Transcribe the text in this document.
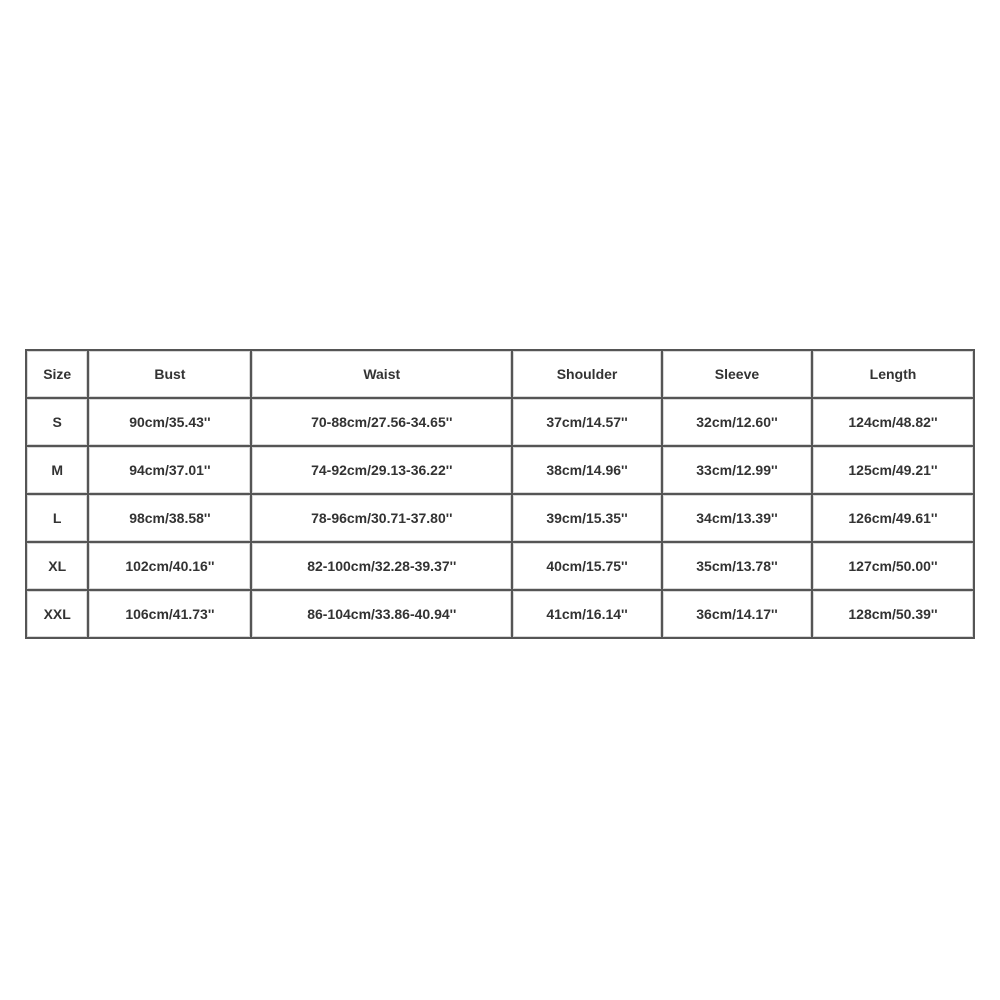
Size	Bust	Waist	Shoulder	Sleeve	Length
S	90cm/35.43''	70-88cm/27.56-34.65''	37cm/14.57''	32cm/12.60''	124cm/48.82''
M	94cm/37.01''	74-92cm/29.13-36.22''	38cm/14.96''	33cm/12.99''	125cm/49.21''
L	98cm/38.58''	78-96cm/30.71-37.80''	39cm/15.35''	34cm/13.39''	126cm/49.61''
XL	102cm/40.16''	82-100cm/32.28-39.37''	40cm/15.75''	35cm/13.78''	127cm/50.00''
XXL	106cm/41.73''	86-104cm/33.86-40.94''	41cm/16.14''	36cm/14.17''	128cm/50.39''
